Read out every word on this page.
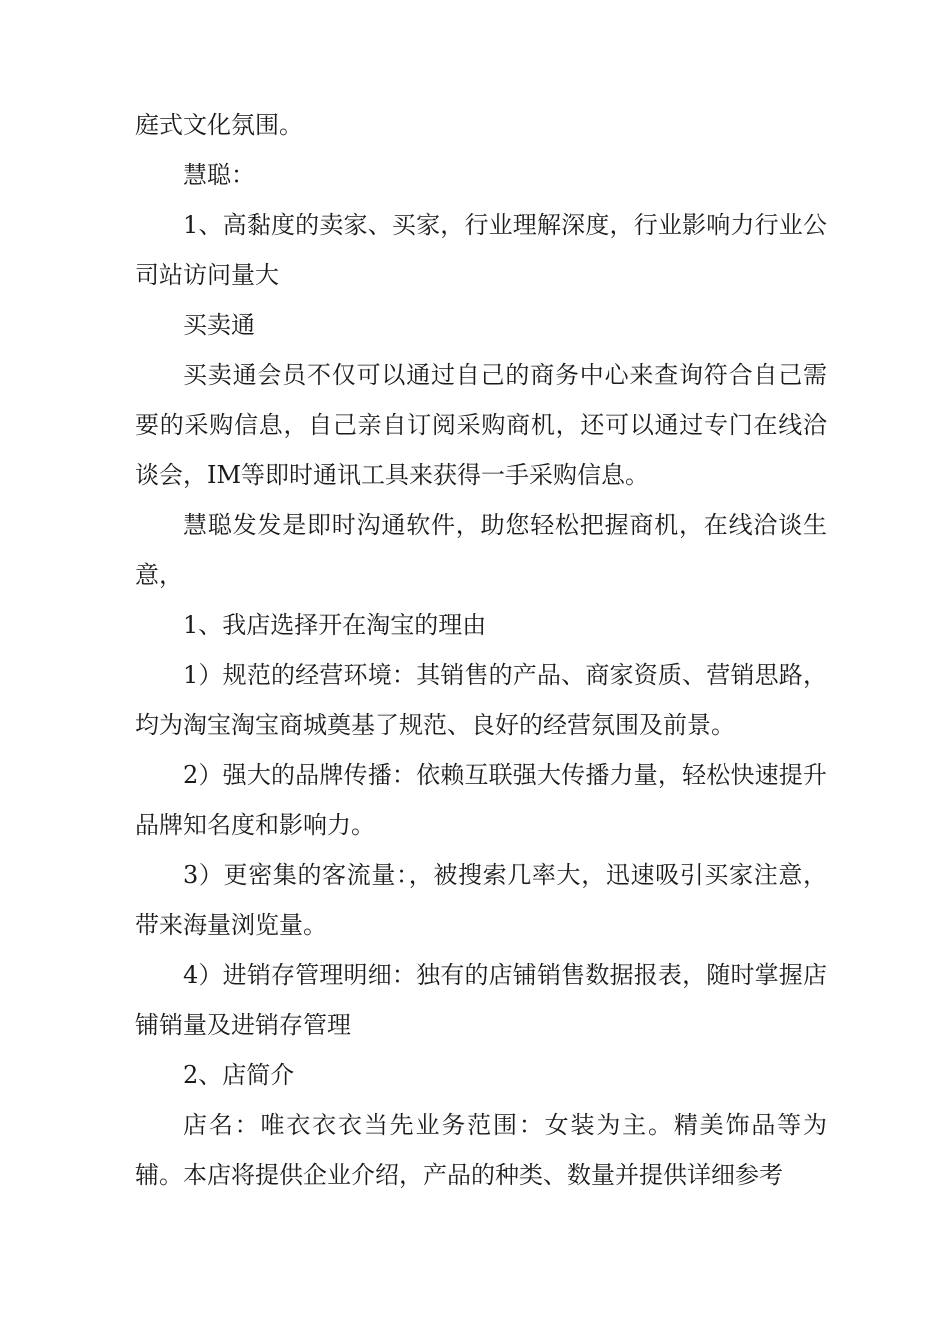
庭式文化氛围。

慧聪：

1、高黏度的卖家、买家，行业理解深度，行业影响力行业公司站访问量大

买卖通

买卖通会员不仅可以通过自己的商务中心来查询符合自己需要的采购信息，自己亲自订阅采购商机，还可以通过专门在线洽谈会，IM等即时通讯工具来获得一手采购信息。

慧聪发发是即时沟通软件，助您轻松把握商机，在线洽谈生意，

1、我店选择开在淘宝的理由

1）规范的经营环境：其销售的产品、商家资质、营销思路，均为淘宝淘宝商城奠基了规范、良好的经营氛围及前景。

2）强大的品牌传播：依赖互联强大传播力量，轻松快速提升品牌知名度和影响力。

3）更密集的客流量：，被搜索几率大，迅速吸引买家注意，带来海量浏览量。

4）进销存管理明细：独有的店铺销售数据报表，随时掌握店铺销量及进销存管理

2、店简介

店名：唯衣衣衣当先业务范围：女装为主。精美饰品等为辅。本店将提供企业介绍，产品的种类、数量并提供详细参考
